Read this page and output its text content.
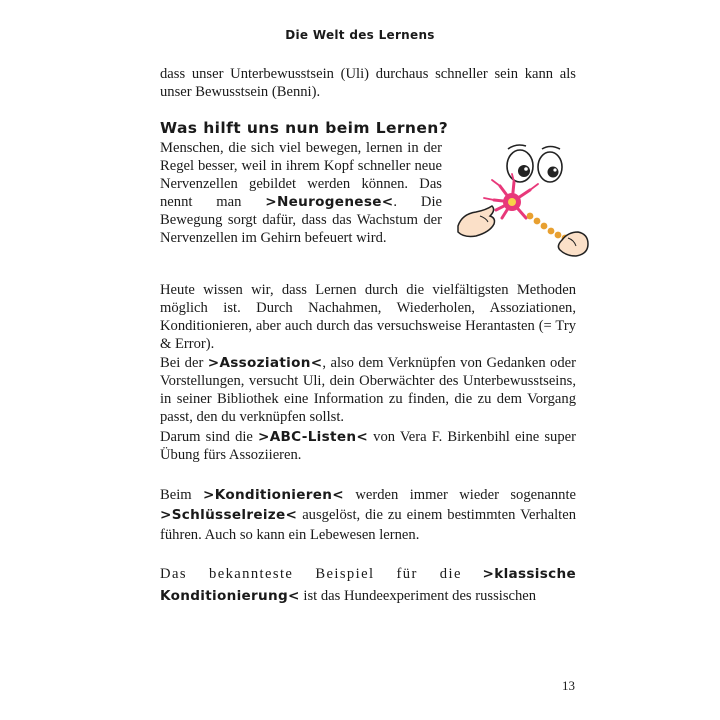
Die Welt des Lernens
dass unser Unterbewusstsein (Uli) durchaus schneller sein kann als unser Bewusstsein (Benni).
Was hilft uns nun beim Lernen?
Menschen, die sich viel bewegen, lernen in der Regel besser, weil in ihrem Kopf schneller neue Nervenzellen gebildet werden können. Das nennt man >Neurogenese<. Die Bewegung sorgt dafür, dass das Wachstum der Nervenzellen im Gehirn befeuert wird.
Heute wissen wir, dass Lernen durch die vielfältigsten Methoden möglich ist. Durch Nachahmen, Wiederholen, Assoziationen, Konditionieren, aber auch durch das versuchsweise Herantasten (= Try & Error).
Bei der >Assoziation<, also dem Verknüpfen von Gedanken oder Vorstellungen, versucht Uli, dein Oberwächter des Unterbewusstseins, in seiner Bibliothek eine Information zu finden, die zu dem Vorgang passt, den du verknüpfen sollst.
Darum sind die >ABC-Listen< von Vera F. Birkenbihl eine super Übung fürs Assoziieren.
Beim >Konditionieren< werden immer wieder sogenannte >Schlüsselreize< ausgelöst, die zu einem bestimmten Verhalten führen. Auch so kann ein Lebewesen lernen.
Das bekannteste Beispiel für die >klassische Konditionierung< ist das Hundeexperiment des russischen
13
